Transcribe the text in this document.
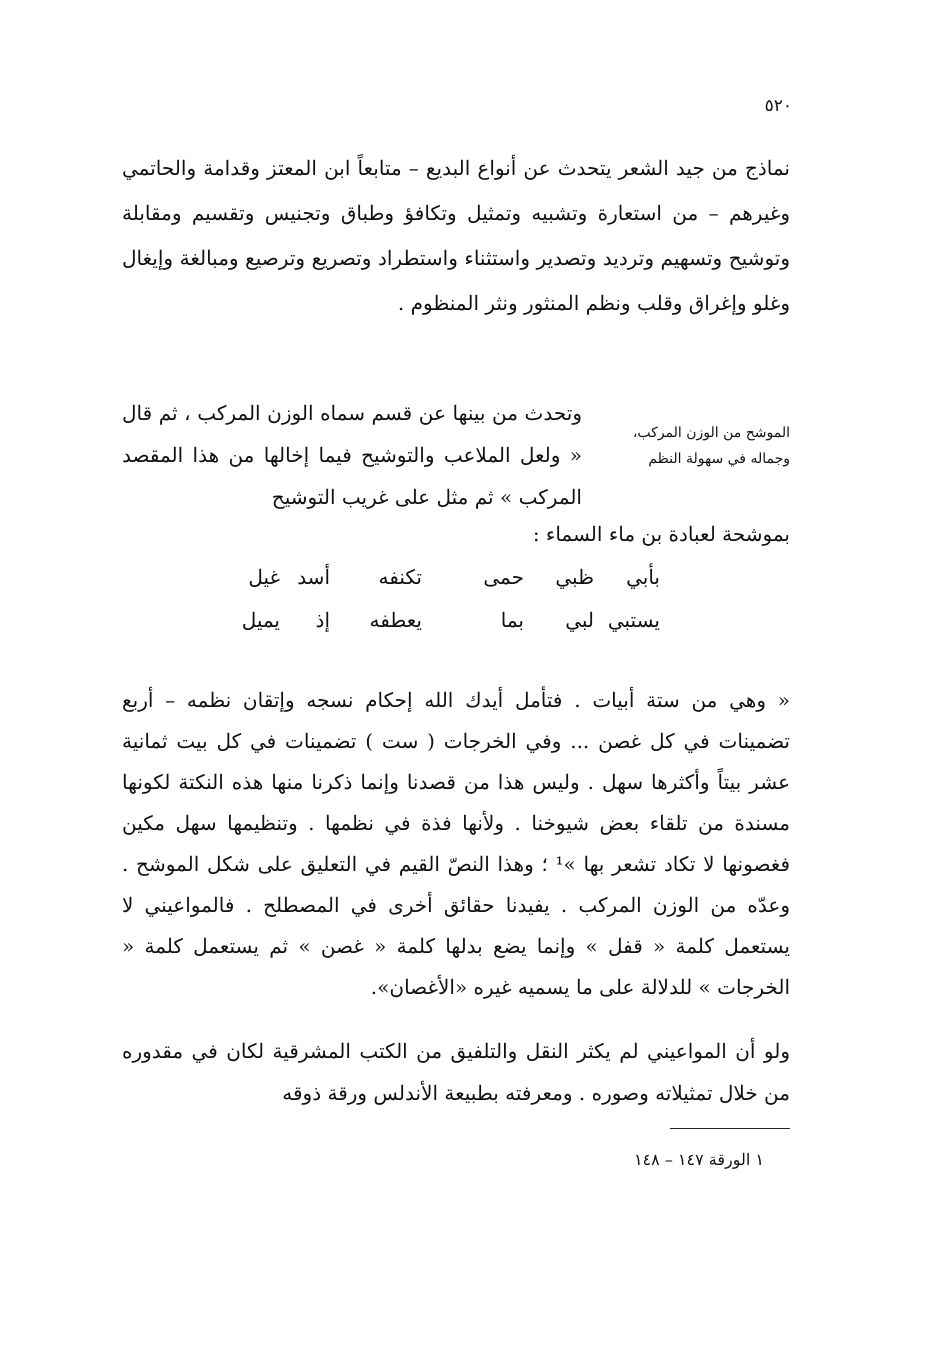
٥٢٠
نماذج من جيد الشعر يتحدث عن أنواع البديع – متابعاً ابن المعتز وقدامة والحاتمي وغيرهم – من استعارة وتشبيه وتمثيل وتكافؤ وطباق وتجنيس وتقسيم ومقابلة وتوشيح وتسهيم وترديد وتصدير واستثناء واستطراد وتصريع وترصيع ومبالغة وإيغال وغلو وإغراق وقلب ونظم المنثور ونثر المنظوم .
الموشح من الوزن المركب، وجماله في سهولة النظم
وتحدث من بينها عن قسم سماه الوزن المركب ، ثم قال « ولعل الملاعب والتوشيح فيما إخالها من هذا المقصد المركب » ثم مثل على غريب التوشيح
بموشحة لعبادة بن ماء السماء :
بأبي
ظبي
حمى
تكنفه
أسد
غيل
يستبي
لبي
بما
يعطفه
إذ
يميل
« وهي من ستة أبيات . فتأمل أيدك الله إحكام نسجه وإتقان نظمه – أربع تضمينات في كل غصن ... وفي الخرجات ( ست ) تضمينات في كل بيت ثمانية عشر بيتاً وأكثرها سهل . وليس هذا من قصدنا وإنما ذكرنا منها هذه النكتة لكونها مسندة من تلقاء بعض شيوخنا . ولأنها فذة في نظمها . وتنظيمها سهل مكين فغصونها لا تكاد تشعر بها »¹ ؛ وهذا النصّ القيم في التعليق على شكل الموشح . وعدّه من الوزن المركب . يفيدنا حقائق أخرى في المصطلح . فالمواعيني لا يستعمل كلمة « قفل » وإنما يضع بدلها كلمة « غصن » ثم يستعمل كلمة « الخرجات » للدلالة على ما يسميه غيره «الأغصان».
ولو أن المواعيني لم يكثر النقل والتلفيق من الكتب المشرقية لكان في مقدوره من خلال تمثيلاته وصوره . ومعرفته بطبيعة الأندلس ورقة ذوقه
١ الورقة ١٤٧ – ١٤٨
